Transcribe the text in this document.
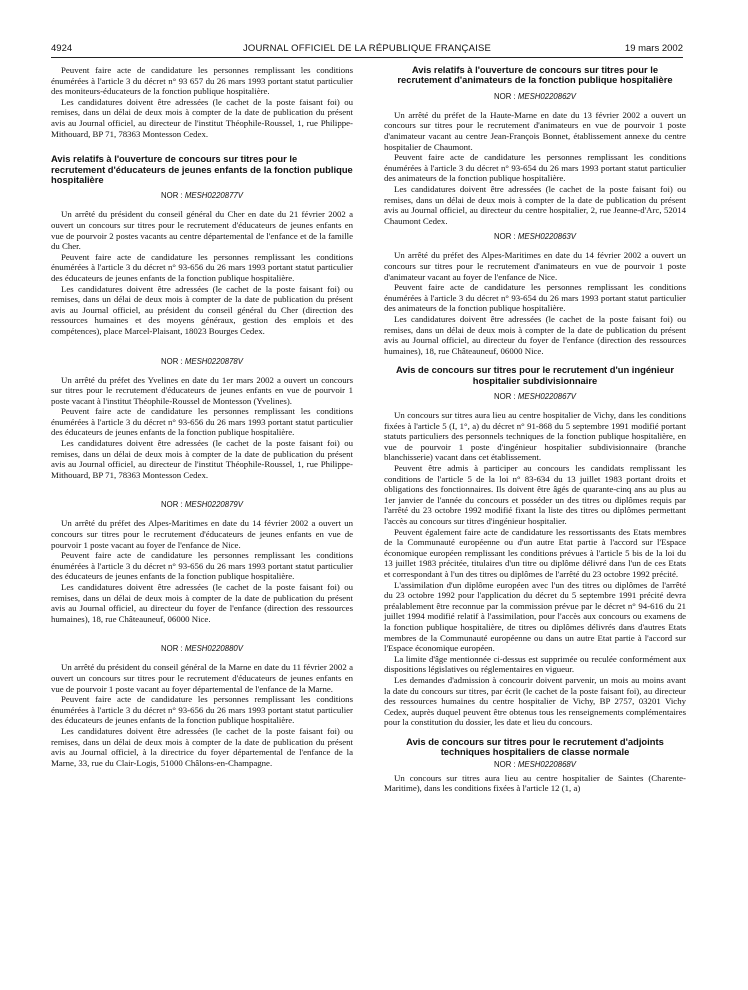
4924	JOURNAL OFFICIEL DE LA RÉPUBLIQUE FRANÇAISE	19 mars 2002

Peuvent faire acte de candidature les personnes remplissant les conditions énumérées à l'article 3 du décret n° 93 657 du 26 mars 1993 portant statut particulier des moniteurs-éducateurs de la fonction publique hospitalière.

Les candidatures doivent être adressées (le cachet de la poste faisant foi) ou remises, dans un délai de deux mois à compter de la date de publication du présent avis au Journal officiel, au directeur de l'institut Théophile-Roussel, 1, rue Philippe-Mithouard, BP 71, 78363 Montesson Cedex.

Avis relatifs à l'ouverture de concours sur titres pour le recrutement d'éducateurs de jeunes enfants de la fonction publique hospitalière
NOR : MESH0220877V

Un arrêté du président du conseil général du Cher en date du 21 février 2002 a ouvert un concours sur titres pour le recrutement d'éducateurs de jeunes enfants en vue de pourvoir 2 postes vacants au centre départemental de l'enfance et de la famille du Cher.

Peuvent faire acte de candidature les personnes remplissant les conditions énumérées à l'article 3 du décret n° 93-656 du 26 mars 1993 portant statut particulier des éducateurs de jeunes enfants de la fonction publique hospitalière.

Les candidatures doivent être adressées (le cachet de la poste faisant foi) ou remises, dans un délai de deux mois à compter de la date de publication du présent avis au Journal officiel, au président du conseil général du Cher (direction des ressources humaines et des moyens généraux, gestion des emplois et des compétences), place Marcel-Plaisant, 18023 Bourges Cedex.

NOR : MESH0220878V

Un arrêté du préfet des Yvelines en date du 1er mars 2002 a ouvert un concours sur titres pour le recrutement d'éducateurs de jeunes enfants en vue de pourvoir 1 poste vacant à l'institut Théophile-Roussel de Montesson (Yvelines).

Peuvent faire acte de candidature les personnes remplissant les conditions énumérées à l'article 3 du décret n° 93-656 du 26 mars 1993 portant statut particulier des éducateurs de jeunes enfants de la fonction publique hospitalière.

Les candidatures doivent être adressées (le cachet de la poste faisant foi) ou remises, dans un délai de deux mois à compter de la date de publication du présent avis au Journal officiel, au directeur de l'institut Théophile-Roussel, 1, rue Philippe-Mithouard, BP 71, 78363 Montesson Cedex.

NOR : MESH0220879V

Un arrêté du préfet des Alpes-Maritimes en date du 14 février 2002 a ouvert un concours sur titres pour le recrutement d'éducateurs de jeunes enfants en vue de pourvoir 1 poste vacant au foyer de l'enfance de Nice.

Peuvent faire acte de candidature les personnes remplissant les conditions énumérées à l'article 3 du décret n° 93-656 du 26 mars 1993 portant statut particulier des éducateurs de jeunes enfants de la fonction publique hospitalière.

Les candidatures doivent être adressées (le cachet de la poste faisant foi) ou remises, dans un délai de deux mois à compter de la date de publication du présent avis au Journal officiel, au directeur du foyer de l'enfance (direction des ressources humaines), 18, rue Châteauneuf, 06000 Nice.

NOR : MESH0220880V

Un arrêté du président du conseil général de la Marne en date du 11 février 2002 a ouvert un concours sur titres pour le recrutement d'éducateurs de jeunes enfants en vue de pourvoir 1 poste vacant au foyer départemental de l'enfance de la Marne.

Peuvent faire acte de candidature les personnes remplissant les conditions énumérées à l'article 3 du décret n° 93-656 du 26 mars 1993 portant statut particulier des éducateurs de jeunes enfants de la fonction publique hospitalière.

Les candidatures doivent être adressées (le cachet de la poste faisant foi) ou remises, dans un délai de deux mois à compter de la date de publication du présent avis au Journal officiel, à la directrice du foyer départemental de l'enfance de la Marne, 33, rue du Clair-Logis, 51000 Châlons-en-Champagne.

Avis relatifs à l'ouverture de concours sur titres pour le recrutement d'animateurs de la fonction publique hospitalière
NOR : MESH0220862V

Un arrêté du préfet de la Haute-Marne en date du 13 février 2002 a ouvert un concours sur titres pour le recrutement d'animateurs en vue de pourvoir 1 poste d'animateur vacant au centre Jean-François Bonnet, établissement annexe du centre hospitalier de Chaumont.

Peuvent faire acte de candidature les personnes remplissant les conditions énumérées à l'article 3 du décret n° 93-654 du 26 mars 1993 portant statut particulier des animateurs de la fonction publique hospitalière.

Les candidatures doivent être adressées (le cachet de la poste faisant foi) ou remises, dans un délai de deux mois à compter de la date de publication du présent avis au Journal officiel, au directeur du centre hospitalier, 2, rue Jeanne-d'Arc, 52014 Chaumont Cedex.

NOR : MESH0220863V

Un arrêté du préfet des Alpes-Maritimes en date du 14 février 2002 a ouvert un concours sur titres pour le recrutement d'animateurs en vue de pourvoir 1 poste d'animateur vacant au foyer de l'enfance de Nice.

Peuvent faire acte de candidature les personnes remplissant les conditions énumérées à l'article 3 du décret n° 93-654 du 26 mars 1993 portant statut particulier des animateurs de la fonction publique hospitalière.

Les candidatures doivent être adressées (le cachet de la poste faisant foi) ou remises, dans un délai de deux mois à compter de la date de publication du présent avis au Journal officiel, au directeur du foyer de l'enfance (direction des ressources humaines), 18, rue Châteauneuf, 06000 Nice.

Avis de concours sur titres pour le recrutement d'un ingénieur hospitalier subdivisionnaire
NOR : MESH0220867V

Un concours sur titres aura lieu au centre hospitalier de Vichy, dans les conditions fixées à l'article 5 (I, 1°, a) du décret n° 91-868 du 5 septembre 1991 modifié portant statuts particuliers des personnels techniques de la fonction publique hospitalière, en vue de pourvoir 1 poste d'ingénieur hospitalier subdivisionnaire (branche blanchisserie) vacant dans cet établissement.

Peuvent être admis à participer au concours les candidats remplissant les conditions de l'article 5 de la loi n° 83-634 du 13 juillet 1983 portant droits et obligations des fonctionnaires. Ils doivent être âgés de quarante-cinq ans au plus au 1er janvier de l'année du concours et posséder un des titres ou diplômes requis par l'arrêté du 23 octobre 1992 modifié fixant la liste des titres ou diplômes permettant l'accès au concours sur titres d'ingénieur hospitalier.

Peuvent également faire acte de candidature les ressortissants des Etats membres de la Communauté européenne ou d'un autre Etat partie à l'accord sur l'Espace économique européen remplissant les conditions prévues à l'article 5 bis de la loi du 13 juillet 1983 précitée, titulaires d'un titre ou diplôme délivré dans l'un de ces Etats et correspondant à l'un des titres ou diplômes de l'arrêté du 23 octobre 1992 précité.

L'assimilation d'un diplôme européen avec l'un des titres ou diplômes de l'arrêté du 23 octobre 1992 pour l'application du décret du 5 septembre 1991 précité devra préalablement être reconnue par la commission prévue par le décret n° 94-616 du 21 juillet 1994 modifié relatif à l'assimilation, pour l'accès aux concours ou examens de la fonction publique hospitalière, de titres ou diplômes délivrés dans d'autres Etats membres de la Communauté européenne ou dans un autre Etat partie à l'accord sur l'Espace économique européen.

La limite d'âge mentionnée ci-dessus est supprimée ou reculée conformément aux dispositions législatives ou réglementaires en vigueur.

Les demandes d'admission à concourir doivent parvenir, un mois au moins avant la date du concours sur titres, par écrit (le cachet de la poste faisant foi), au directeur des ressources humaines du centre hospitalier de Vichy, BP 2757, 03201 Vichy Cedex, auprès duquel peuvent être obtenus tous les renseignements complémentaires pour la constitution du dossier, les date et lieu du concours.

Avis de concours sur titres pour le recrutement d'adjoints techniques hospitaliers de classe normale
NOR : MESH0220868V

Un concours sur titres aura lieu au centre hospitalier de Saintes (Charente-Maritime), dans les conditions fixées à l'article 12 (1, a)
